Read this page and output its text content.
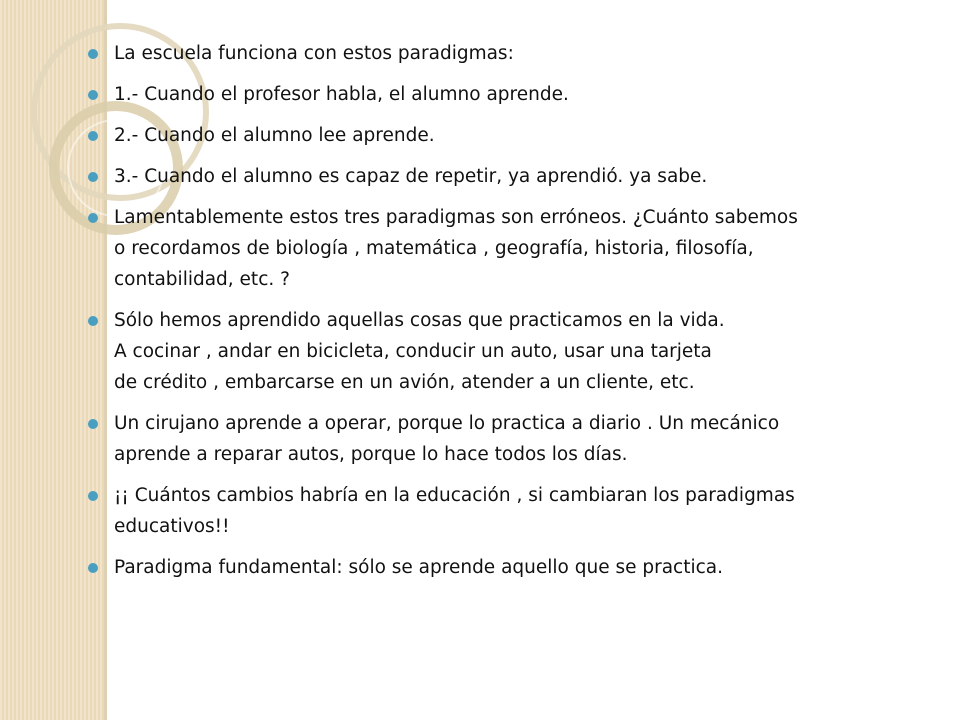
La escuela funciona con estos paradigmas:
1.- Cuando el profesor habla, el alumno aprende.
2.- Cuando el alumno lee aprende.
3.- Cuando el alumno es capaz de repetir, ya aprendió. ya sabe.
Lamentablemente estos tres paradigmas son erróneos. ¿Cuánto sabemos
o recordamos de biología , matemática , geografía, historia, filosofía,
contabilidad, etc. ?
Sólo hemos aprendido aquellas cosas que practicamos en la vida.
A cocinar , andar en bicicleta, conducir un auto, usar una tarjeta
de crédito , embarcarse en un avión, atender a un cliente, etc.
Un cirujano aprende a operar, porque lo practica a diario . Un mecánico
aprende a reparar autos, porque lo hace todos los días.
¡¡ Cuántos cambios habría en la educación , si cambiaran los paradigmas
educativos!!
Paradigma fundamental: sólo se aprende aquello que se practica.
